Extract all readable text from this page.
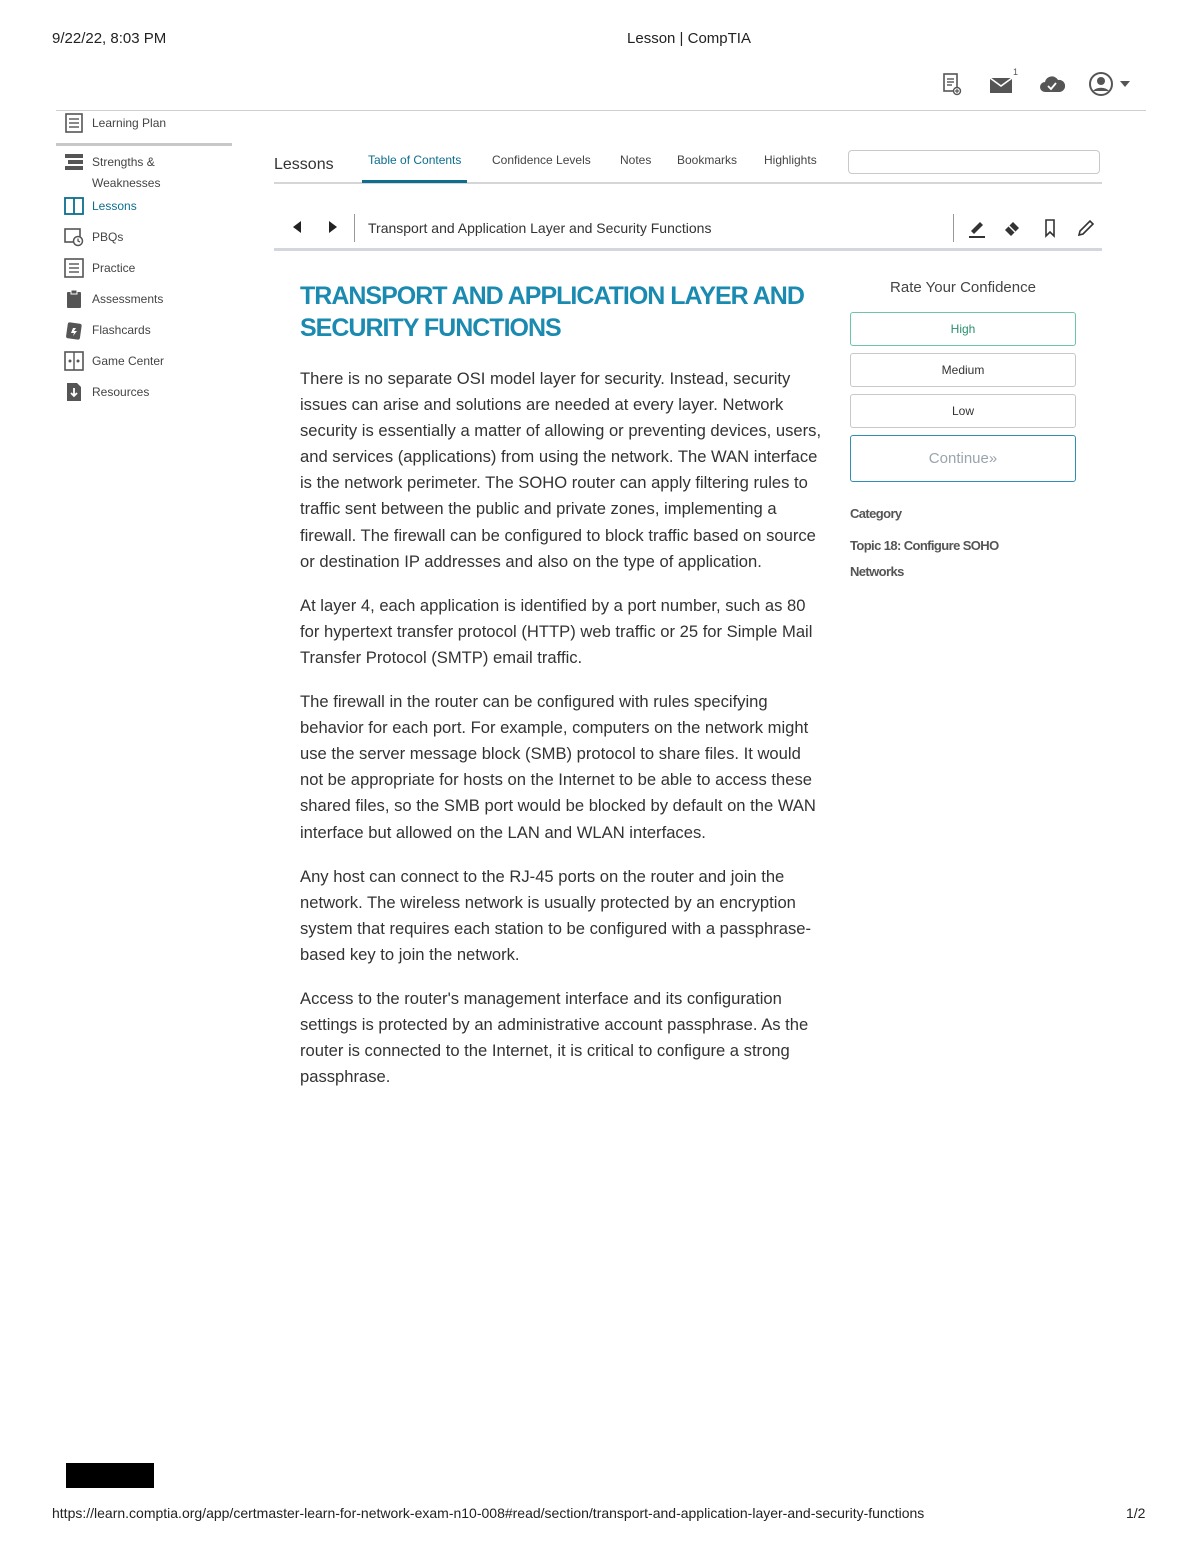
9/22/22, 8:03 PM	Lesson | CompTIA
1
Learning Plan
Strengths & Weaknesses
Lessons
PBQs
Practice
Assessments
Flashcards
Game Center
Resources
Lessons	Table of Contents	Confidence Levels Notes Bookmarks Highlights
Transport and Application Layer and Security Functions
TRANSPORT AND APPLICATION LAYER AND SECURITY FUNCTIONS

There is no separate OSI model layer for security. Instead, security issues can arise and solutions are needed at every layer. Network security is essentially a matter of allowing or preventing devices, users, and services (applications) from using the network. The WAN interface is the network perimeter. The SOHO router can apply filtering rules to traffic sent between the public and private zones, implementing a firewall. The firewall can be configured to block traffic based on source or destination IP addresses and also on the type of application.

At layer 4, each application is identified by a port number, such as 80 for hypertext transfer protocol (HTTP) web traffic or 25 for Simple Mail Transfer Protocol (SMTP) email traffic.

The firewall in the router can be configured with rules specifying behavior for each port. For example, computers on the network might use the server message block (SMB) protocol to share files. It would not be appropriate for hosts on the Internet to be able to access these shared files, so the SMB port would be blocked by default on the WAN interface but allowed on the LAN and WLAN interfaces.

Any host can connect to the RJ-45 ports on the router and join the network. The wireless network is usually protected by an encryption system that requires each station to be configured with a passphrase-based key to join the network.

Access to the router's management interface and its configuration settings is protected by an administrative account passphrase. As the router is connected to the Internet, it is critical to configure a strong passphrase.

Rate Your Confidence
High
Medium
Low
Continue»
Category
Topic 18: Configure SOHO Networks
https://learn.comptia.org/app/certmaster-learn-for-network-exam-n10-008#read/section/transport-and-application-layer-and-security-functions	1/2
